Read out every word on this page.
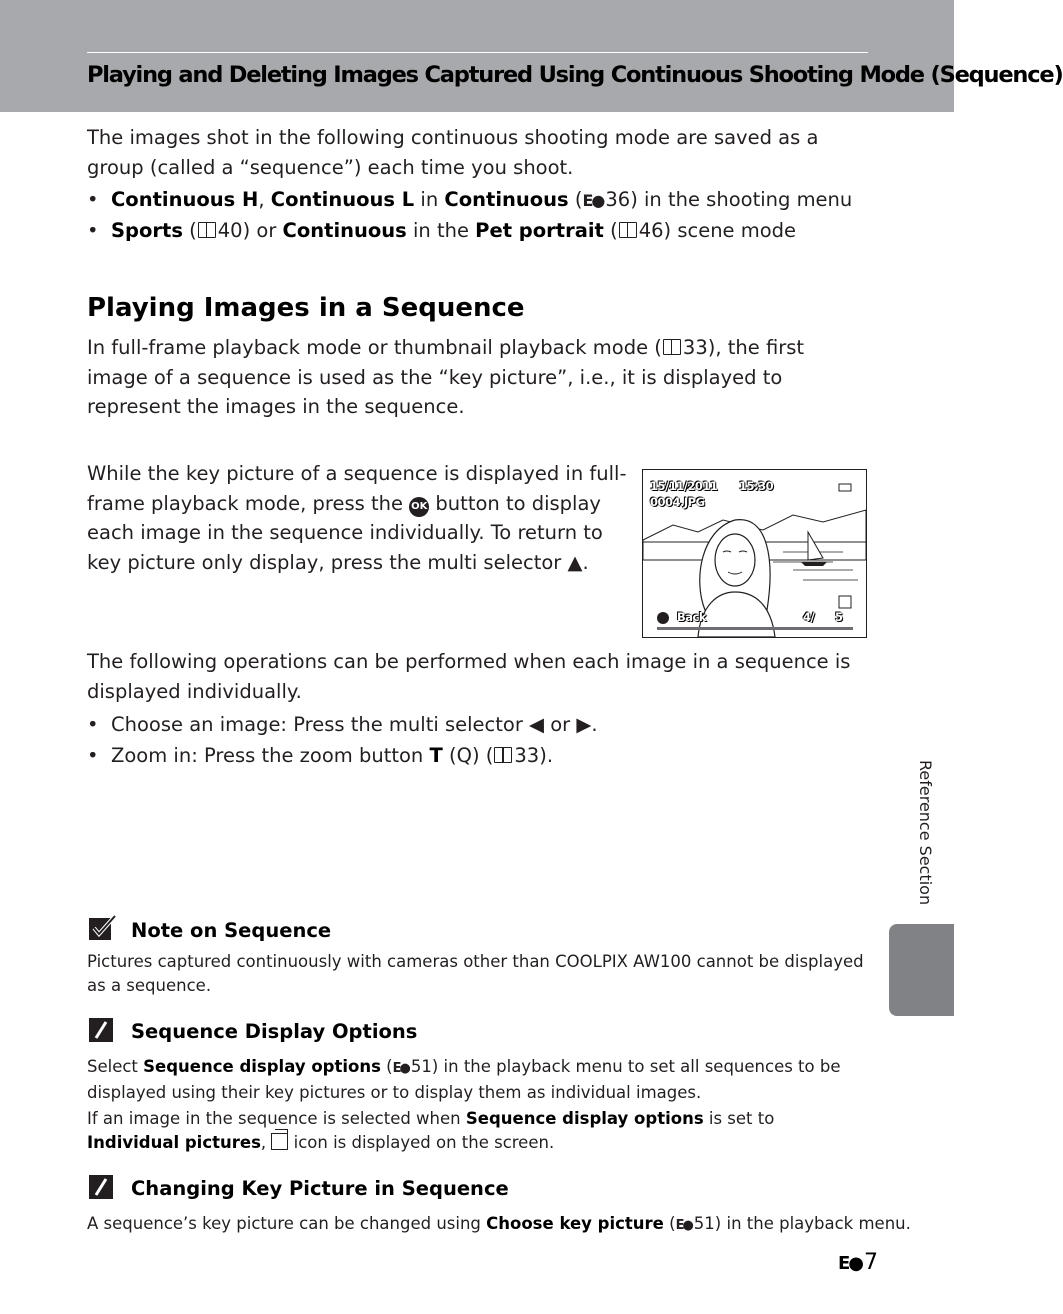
Playing and Deleting Images Captured Using Continuous Shooting Mode (Sequence)
The images shot in the following continuous shooting mode are saved as a group (called a “sequence”) each time you shoot.
• Continuous H, Continuous L in Continuous (E● 36) in the shooting menu
• Sports ( 40) or Continuous in the Pet portrait ( 46) scene mode
Playing Images in a Sequence
In full-frame playback mode or thumbnail playback mode ( 33), the first image of a sequence is used as the “key picture”, i.e., it is displayed to represent the images in the sequence.
While the key picture of a sequence is displayed in full-frame playback mode, press the OK button to display each image in the sequence individually. To return to key picture only display, press the multi selector ▲.
15/11/2011 15:30
0004.JPG
Back	4/ 5
The following operations can be performed when each image in a sequence is displayed individually.
• Choose an image: Press the multi selector ◀ or ▶.
• Zoom in: Press the zoom button T (Q) ( 33).
Reference Section
Note on Sequence
Pictures captured continuously with cameras other than COOLPIX AW100 cannot be displayed as a sequence.
Sequence Display Options
Select Sequence display options (E● 51) in the playback menu to set all sequences to be displayed using their key pictures or to display them as individual images.
If an image in the sequence is selected when Sequence display options is set to Individual pictures,
icon is displayed on the screen.
Changing Key Picture in Sequence
A sequence’s key picture can be changed using Choose key picture (E● 51) in the playback menu.
E●7
